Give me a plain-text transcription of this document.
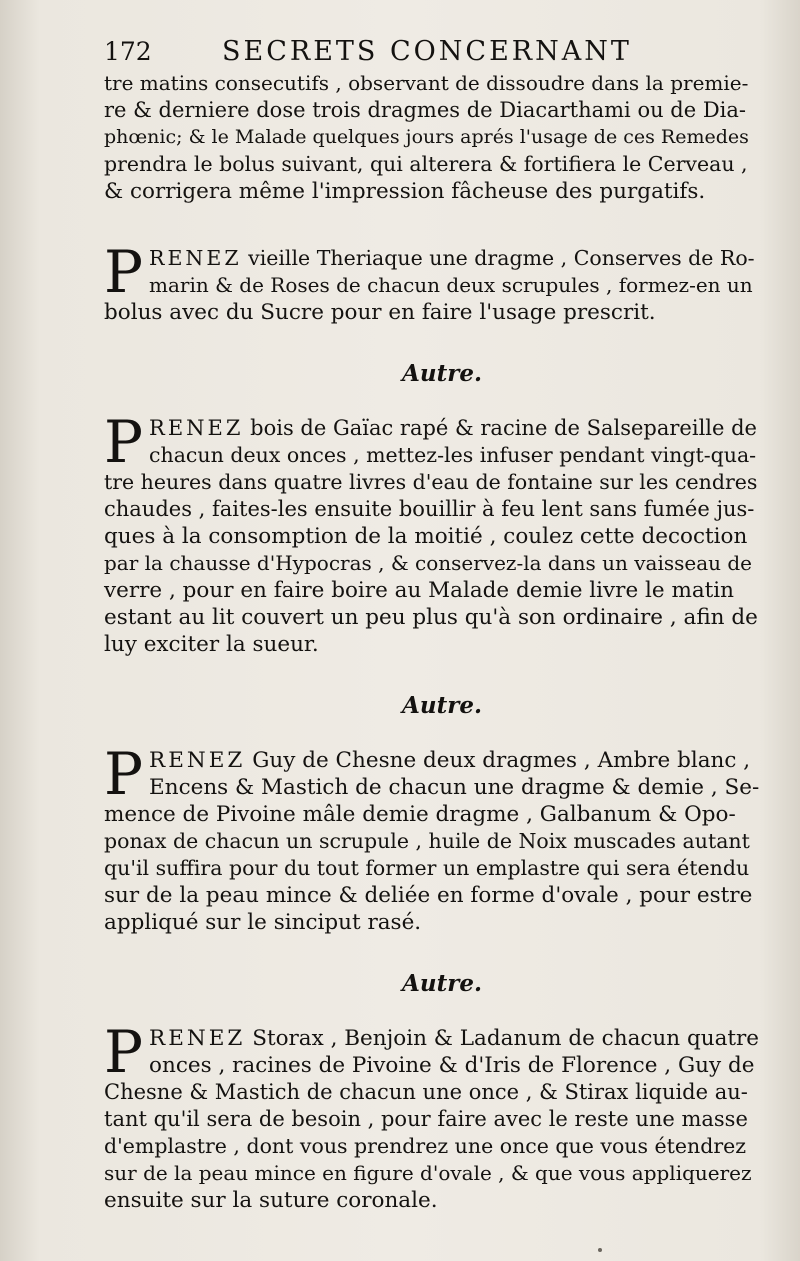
172	SECRETS CONCERNANT

tre matins consecutifs , observant de dissoudre dans la premie-
re & derniere dose trois dragmes de Diacarthami ou de Dia-
phœnic; & le Malade quelques jours aprés l'usage de ces Remedes
prendra le bolus suivant, qui alterera & fortifiera le Cerveau ,
& corrigera même l'impression fâcheuse des purgatifs.

P RENEZ vieille Theriaque une dragme , Conserves de Ro-
marin & de Roses de chacun deux scrupules , formez-en un
bolus avec du Sucre pour en faire l'usage prescrit.

Autre.

P RENEZ bois de Gaïac rapé & racine de Salsepareille de
chacun deux onces , mettez-les infuser pendant vingt-qua-
tre heures dans quatre livres d'eau de fontaine sur les cendres
chaudes , faites-les ensuite bouillir à feu lent sans fumée jus-
ques à la consomption de la moitié , coulez cette decoction
par la chausse d'Hypocras , & conservez-la dans un vaisseau de
verre , pour en faire boire au Malade demie livre le matin
estant au lit couvert un peu plus qu'à son ordinaire , afin de
luy exciter la sueur.

Autre.

P RENEZ Guy de Chesne deux dragmes , Ambre blanc ,
Encens & Mastich de chacun une dragme & demie , Se-
mence de Pivoine mâle demie dragme , Galbanum & Opo-
ponax de chacun un scrupule , huile de Noix muscades autant
qu'il suffira pour du tout former un emplastre qui sera étendu
sur de la peau mince & deliée en forme d'ovale , pour estre
appliqué sur le sinciput rasé.

Autre.

P RENEZ Storax , Benjoin & Ladanum de chacun quatre
onces , racines de Pivoine & d'Iris de Florence , Guy de
Chesne & Mastich de chacun une once , & Stirax liquide au-
tant qu'il sera de besoin , pour faire avec le reste une masse
d'emplastre , dont vous prendrez une once que vous étendrez
sur de la peau mince en figure d'ovale , & que vous appliquerez
ensuite sur la suture coronale.
